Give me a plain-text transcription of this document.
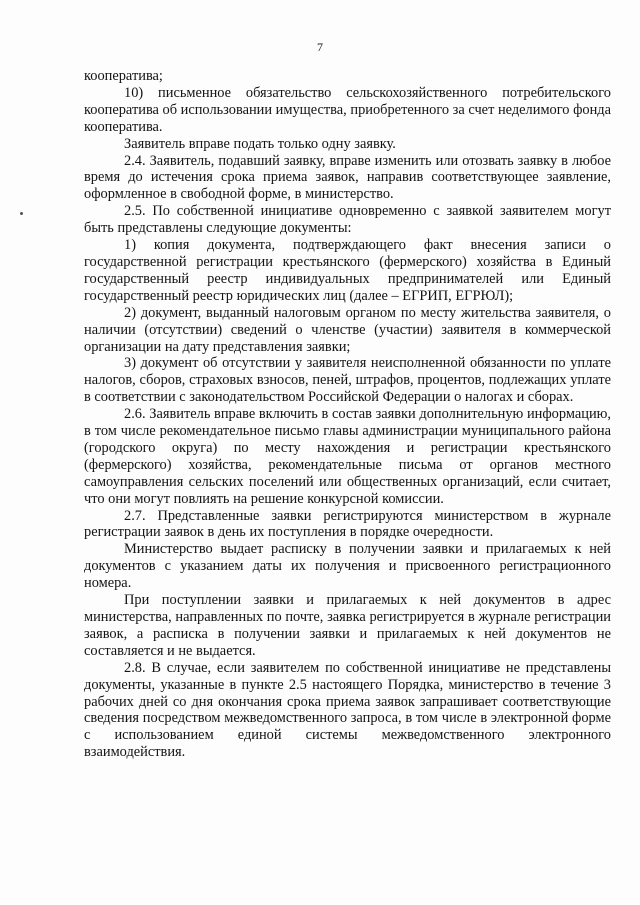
7

кооператива;

10) письменное обязательство сельскохозяйственного потребительского кооператива об использовании имущества, приобретенного за счет неделимого фонда кооператива.

Заявитель вправе подать только одну заявку.

2.4. Заявитель, подавший заявку, вправе изменить или отозвать заявку в любое время до истечения срока приема заявок, направив соответствующее заявление, оформленное в свободной форме, в министерство.

2.5. По собственной инициативе одновременно с заявкой заявителем могут быть представлены следующие документы:

1) копия документа, подтверждающего факт внесения записи о государственной регистрации крестьянского (фермерского) хозяйства в Единый государственный реестр индивидуальных предпринимателей или Единый государственный реестр юридических лиц (далее – ЕГРИП, ЕГРЮЛ);

2) документ, выданный налоговым органом по месту жительства заявителя, о наличии (отсутствии) сведений о членстве (участии) заявителя в коммерческой организации на дату представления заявки;

3) документ об отсутствии у заявителя неисполненной обязанности по уплате налогов, сборов, страховых взносов, пеней, штрафов, процентов, подлежащих уплате в соответствии с законодательством Российской Федерации о налогах и сборах.

2.6. Заявитель вправе включить в состав заявки дополнительную информацию, в том числе рекомендательное письмо главы администрации муниципального района (городского округа) по месту нахождения и регистрации крестьянского (фермерского) хозяйства, рекомендательные письма от органов местного самоуправления сельских поселений или общественных организаций, если считает, что они могут повлиять на решение конкурсной комиссии.

2.7. Представленные заявки регистрируются министерством в журнале регистрации заявок в день их поступления в порядке очередности.

Министерство выдает расписку в получении заявки и прилагаемых к ней документов с указанием даты их получения и присвоенного регистрационного номера.

При поступлении заявки и прилагаемых к ней документов в адрес министерства, направленных по почте, заявка регистрируется в журнале регистрации заявок, а расписка в получении заявки и прилагаемых к ней документов не составляется и не выдается.

2.8. В случае, если заявителем по собственной инициативе не представлены документы, указанные в пункте 2.5 настоящего Порядка, министерство в течение 3 рабочих дней со дня окончания срока приема заявок запрашивает соответствующие сведения посредством межведомственного запроса, в том числе в электронной форме с использованием единой системы межведомственного электронного взаимодействия.
